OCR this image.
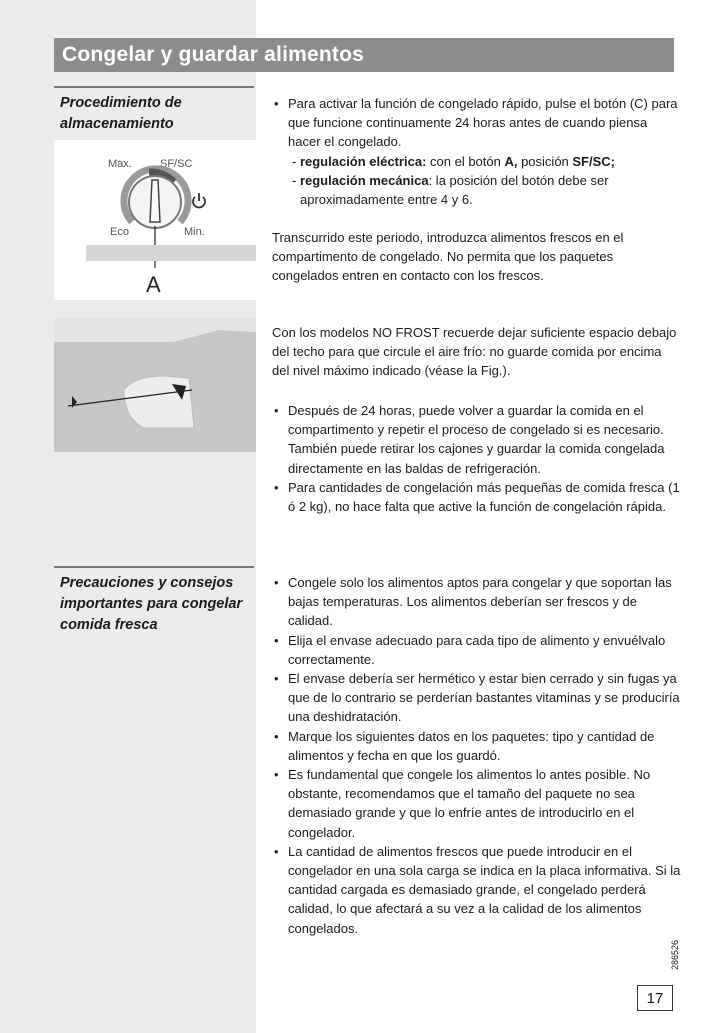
Congelar y guardar alimentos
Procedimiento de almacenamiento
Max.	SF/SC
Eco	Min.
A

• Para activar la función de congelado rápido, pulse el botón (C) para que funcione continuamente 24 horas antes de cuando piensa hacer el congelado.

- regulación eléctrica: con el botón A, posición SF/SC;

- regulación mecánica: la posición del botón debe ser

aproximadamente entre 4 y 6.

Transcurrido este periodo, introduzca alimentos frescos en el compartimento de congelado. No permita que los paquetes congelados entren en contacto con los frescos.
Con los modelos NO FROST recuerde dejar suficiente espacio debajo del techo para que circule el aire frío: no guarde comida por encima del nivel máximo indicado (véase la Fig.).

• Después de 24 horas, puede volver a guardar la comida en el compartimento y repetir el proceso de congelado si es necesario. También puede retirar los cajones y guardar la comida congelada directamente en las baldas de refrigeración.

• Para cantidades de congelación más pequeñas de comida fresca (1 ó 2 kg), no hace falta que active la función de congelación rápida.

Precauciones y consejos importantes para congelar comida fresca

• Congele solo los alimentos aptos para congelar y que soportan las bajas temperaturas. Los alimentos deberían ser frescos y de calidad.

• Elija el envase adecuado para cada tipo de alimento y envuélvalo correctamente.

• El envase debería ser hermético y estar bien cerrado y sin fugas ya que de lo contrario se perderían bastantes vitaminas y se produciría una deshidratación.

• Marque los siguientes datos en los paquetes: tipo y cantidad de alimentos y fecha en que los guardó.

• Es fundamental que congele los alimentos lo antes posible. No obstante, recomendamos que el tamaño del paquete no sea demasiado grande y que lo enfríe antes de introducirlo en el congelador.

• La cantidad de alimentos frescos que puede introducir en el congelador en una sola carga se indica en la placa informativa. Si la cantidad cargada es demasiado grande, el congelado perderá calidad, lo que afectará a su vez a la calidad de los alimentos congelados.

286526
17
